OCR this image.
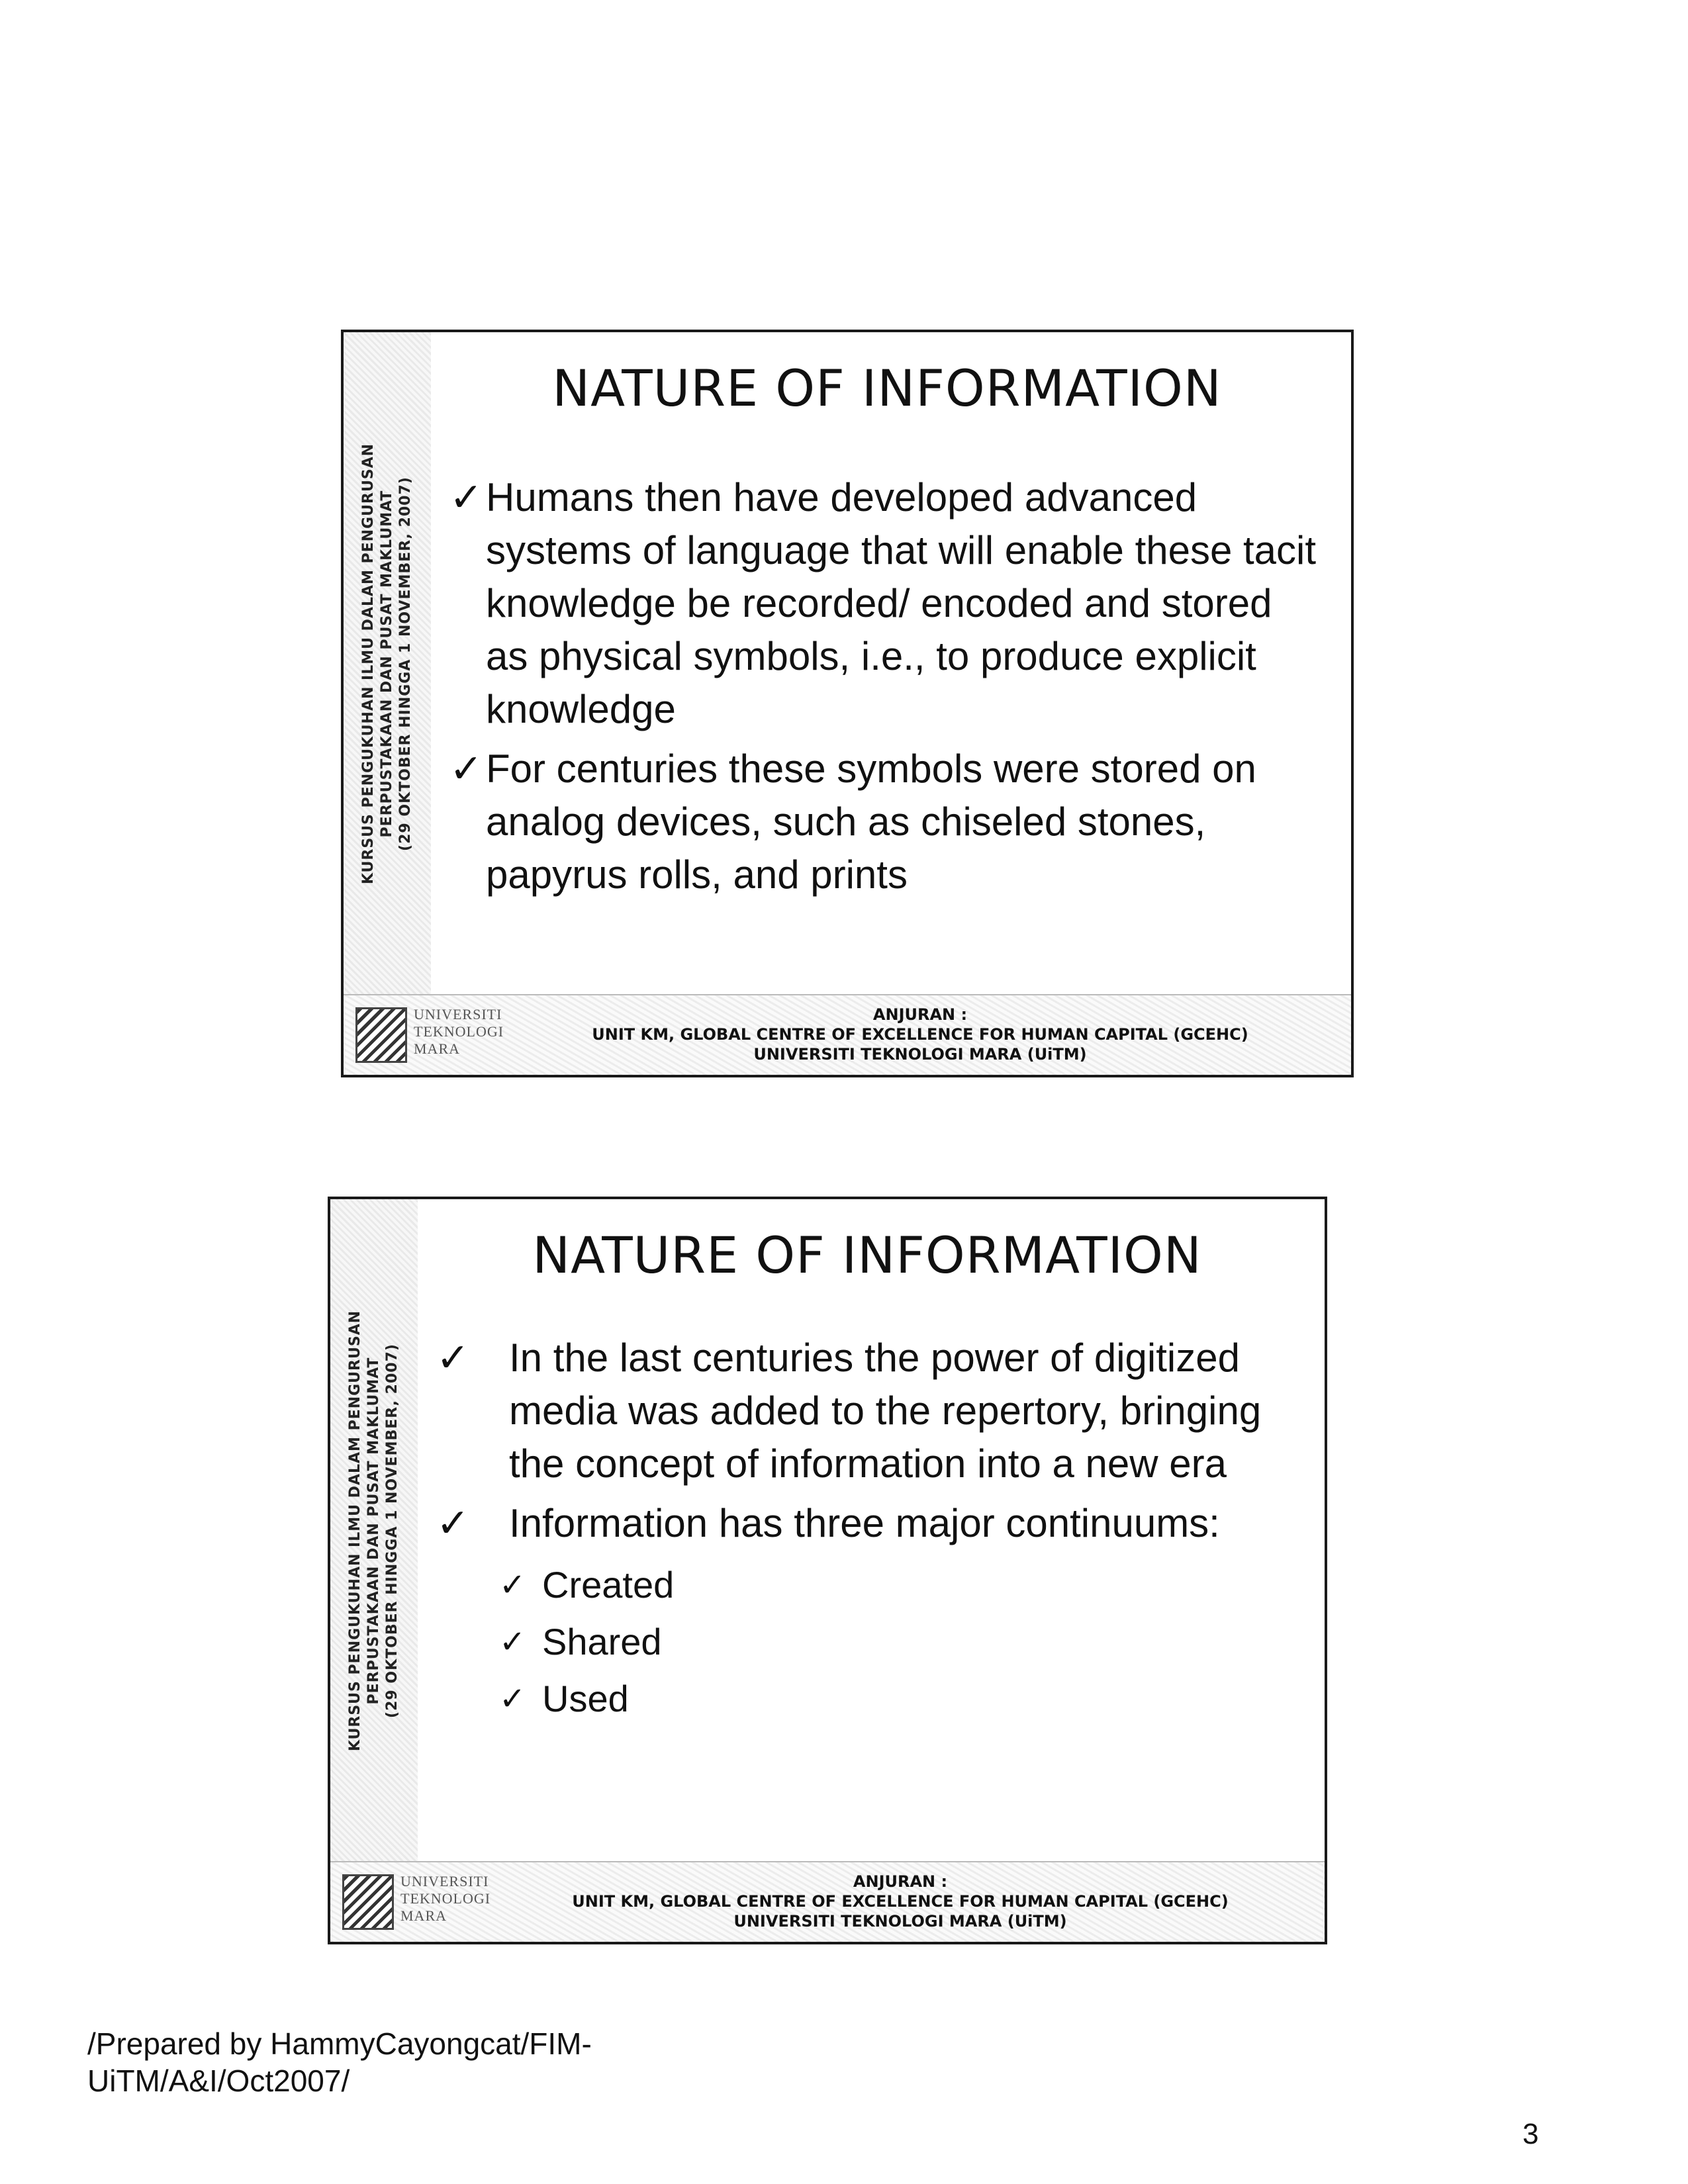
KURSUS PENGUKUHAN ILMU DALAM PENGURUSAN PERPUSTAKAAN DAN PUSAT MAKLUMAT (29 OKTOBER HINGGA 1 NOVEMBER, 2007)
NATURE OF INFORMATION
✓ Humans then have developed advanced systems of language that will enable these tacit knowledge be recorded/ encoded and stored as physical symbols, i.e., to produce explicit knowledge
✓ For centuries these symbols were stored on analog devices, such as chiseled stones, papyrus rolls, and prints
UNIVERSITI
TEKNOLOGI
MARA
ANJURAN :
UNIT KM, GLOBAL CENTRE OF EXCELLENCE FOR HUMAN CAPITAL (GCEHC)
UNIVERSITI TEKNOLOGI MARA (UiTM)
KURSUS PENGUKUHAN ILMU DALAM PENGURUSAN PERPUSTAKAAN DAN PUSAT MAKLUMAT (29 OKTOBER HINGGA 1 NOVEMBER, 2007)
NATURE OF INFORMATION
✓ In the last centuries the power of digitized media was added to the repertory, bringing the concept of information into a new era
✓ Information has three major continuums:
✓ Created
✓ Shared
✓ Used
UNIVERSITI
TEKNOLOGI
MARA
ANJURAN :
UNIT KM, GLOBAL CENTRE OF EXCELLENCE FOR HUMAN CAPITAL (GCEHC)
UNIVERSITI TEKNOLOGI MARA (UiTM)
/Prepared by HammyCayongcat/FIM-UiTM/A&I/Oct2007/
3
